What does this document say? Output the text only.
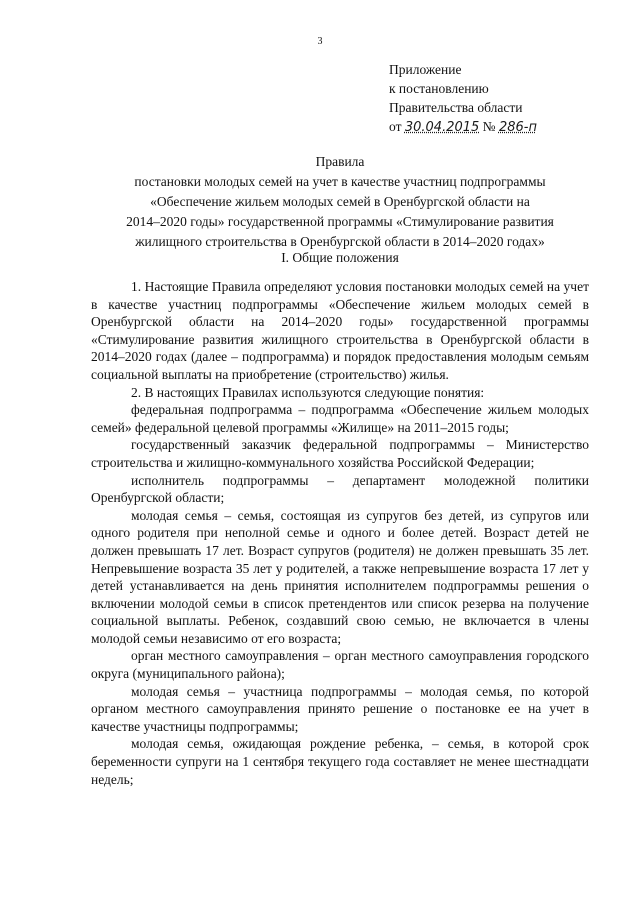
3
Приложение
к постановлению
Правительства области
от 30.04.2015 № 286-п
Правила
постановки молодых семей на учет в качестве участниц подпрограммы
«Обеспечение жильем молодых семей в Оренбургской области на
2014–2020 годы» государственной программы «Стимулирование развития
жилищного строительства в Оренбургской области в 2014–2020 годах»
I. Общие положения

1. Настоящие Правила определяют условия постановки молодых семей на учет в качестве участниц подпрограммы «Обеспечение жильем молодых семей в Оренбургской области на 2014–2020 годы» государственной программы «Стимулирование развития жилищного строительства в Оренбургской области в 2014–2020 годах (далее – подпрограмма) и порядок предоставления молодым семьям социальной выплаты на приобретение (строительство) жилья.

2. В настоящих Правилах используются следующие понятия:

федеральная подпрограмма – подпрограмма «Обеспечение жильем молодых семей» федеральной целевой программы «Жилище» на 2011–2015 годы;

государственный заказчик федеральной подпрограммы – Министерство строительства и жилищно-коммунального хозяйства Российской Федерации;

исполнитель подпрограммы – департамент молодежной политики Оренбургской области;

молодая семья – семья, состоящая из супругов без детей, из супругов или одного родителя при неполной семье и одного и более детей. Возраст детей не должен превышать 17 лет. Возраст супругов (родителя) не должен превышать 35 лет. Непревышение возраста 35 лет у родителей, а также непревышение возраста 17 лет у детей устанавливается на день принятия исполнителем подпрограммы решения о включении молодой семьи в список претендентов или список резерва на получение социальной выплаты. Ребенок, создавший свою семью, не включается в члены молодой семьи независимо от его возраста;

орган местного самоуправления – орган местного самоуправления городского округа (муниципального района);

молодая семья – участница подпрограммы – молодая семья, по которой органом местного самоуправления принято решение о постановке ее на учет в качестве участницы подпрограммы;

молодая семья, ожидающая рождение ребенка, – семья, в которой срок беременности супруги на 1 сентября текущего года составляет не менее шестнадцати недель;
